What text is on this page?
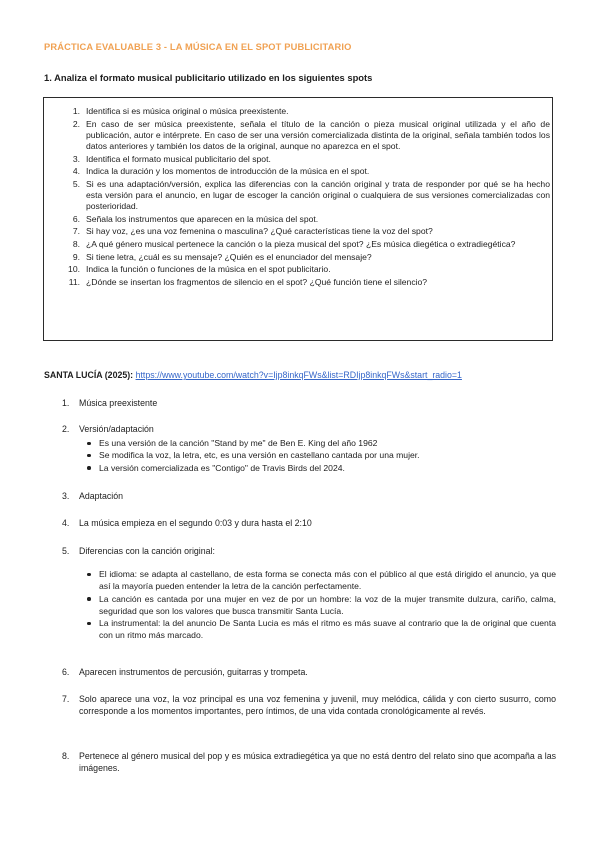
PRÁCTICA EVALUABLE 3 - LA MÚSICA EN EL SPOT PUBLICITARIO
1. Analiza el formato musical publicitario utilizado en los siguientes spots
1. Identifica si es música original o música preexistente.
2. En caso de ser música preexistente, señala el título de la canción o pieza musical original utilizada y el año de publicación, autor e intérprete. En caso de ser una versión comercializada distinta de la original, señala también todos los datos anteriores y también los datos de la original, aunque no aparezca en el spot.
3. Identifica el formato musical publicitario del spot.
4. Indica la duración y los momentos de introducción de la música en el spot.
5. Si es una adaptación/versión, explica las diferencias con la canción original y trata de responder por qué se ha hecho esta versión para el anuncio, en lugar de escoger la canción original o cualquiera de sus versiones comercializadas con posterioridad.
6. Señala los instrumentos que aparecen en la música del spot.
7. Si hay voz, ¿es una voz femenina o masculina? ¿Qué características tiene la voz del spot?
8. ¿A qué género musical pertenece la canción o la pieza musical del spot? ¿Es música diegética o extradiegética?
9. Si tiene letra, ¿cuál es su mensaje? ¿Quién es el enunciador del mensaje?
10. Indica la función o funciones de la música en el spot publicitario.
11. ¿Dónde se insertan los fragmentos de silencio en el spot? ¿Qué función tiene el silencio?
SANTA LUCÍA (2025): https://www.youtube.com/watch?v=Ijp8inkqFWs&list=RDIjp8inkqFWs&start_radio=1
1.	Música preexistente
2.	Versión/adaptación
Es una versión de la canción "Stand by me" de Ben E. King del año 1962
Se modifica la voz, la letra, etc, es una versión en castellano cantada por una mujer.
La versión comercializada es "Contigo" de Travis Birds del 2024.
3.	Adaptación
4.	La música empieza en el segundo 0:03 y dura hasta el 2:10
5.	Diferencias con la canción original:
El idioma: se adapta al castellano, de esta forma se conecta más con el público al que está dirigido el anuncio, ya que así la mayoría pueden entender la letra de la canción perfectamente.
La canción es cantada por una mujer en vez de por un hombre: la voz de la mujer transmite dulzura, cariño, calma, seguridad que son los valores que busca transmitir Santa Lucía.
La instrumental: la del anuncio De Santa Lucia es más el ritmo es más suave al contrario que la de original que cuenta con un ritmo más marcado.
6.	Aparecen instrumentos de percusión, guitarras y trompeta.
7.	Solo aparece una voz, la voz principal es una voz femenina y juvenil, muy melódica, cálida y con cierto susurro, como corresponde a los momentos importantes, pero íntimos, de una vida contada cronológicamente al revés.
8.	Pertenece al género musical del pop y es música extradiegética ya que no está dentro del relato sino que acompaña a las imágenes.
